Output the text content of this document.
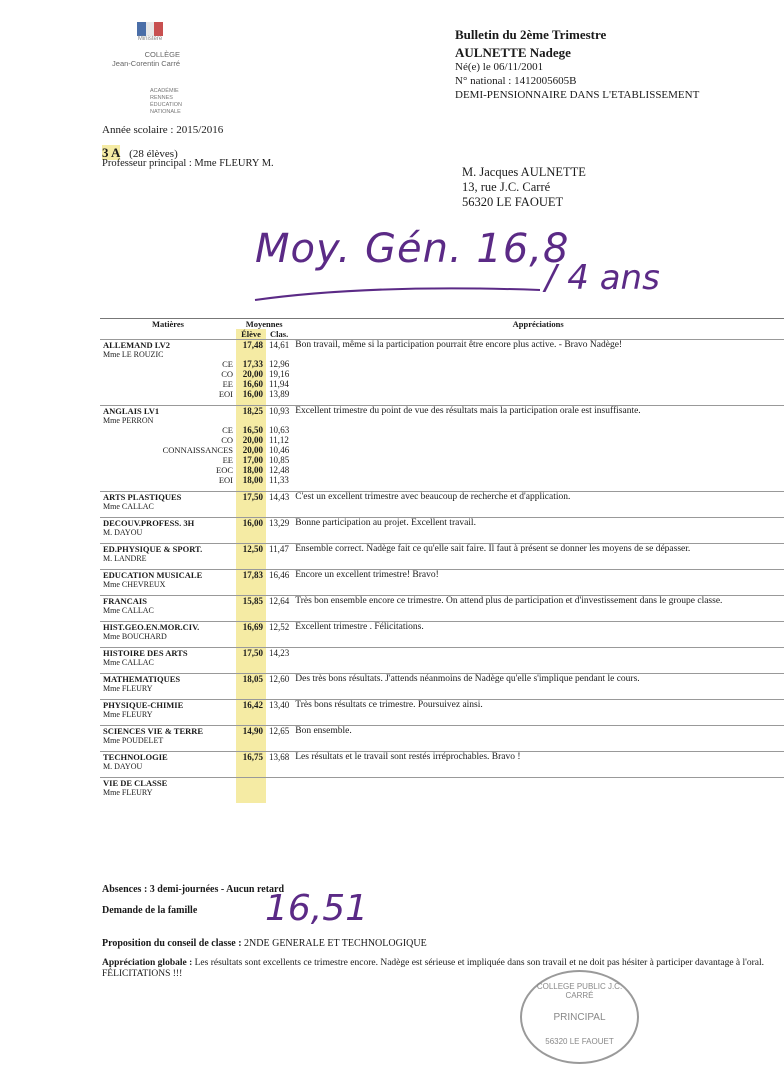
Ministère
COLLÈGE
Jean-Corentin Carré
ACADÉMIE
RENNES
ÉDUCATION
NATIONALE
Bulletin du 2ème Trimestre
AULNETTE Nadege
Né(e) le 06/11/2001
N° national : 1412005605B
DEMI-PENSIONNAIRE DANS L'ETABLISSEMENT
Année scolaire : 2015/2016
3 A (28 élèves)
Professeur principal : Mme FLEURY M.
M. Jacques AULNETTE
13, rue J.C. Carré
56320 LE FAOUET
Moy. Gén. 16,8
/ 4 ans
Matières	Moyennes		Appréciations
	Élève	Clas.	

ALLEMAND LV2
Mme LE ROUZIC	17,48	14,61	Bon travail, même si la participation pourrait être encore plus active. - Bravo Nadège!
CE	17,33	12,96	
CO	20,00	19,16	
EE	16,60	11,94	
EOI	16,00	13,89	

ANGLAIS LV1
Mme PERRON	18,25	10,93	Excellent trimestre du point de vue des résultats mais la participation orale est insuffisante.
CE	16,50	10,63	
CO	20,00	11,12	
CONNAISSANCES	20,00	10,46	
EE	17,00	10,85	
EOC	18,00	12,48	
EOI	18,00	11,33	

ARTS PLASTIQUES
Mme CALLAC	17,50	14,43	C'est un excellent trimestre avec beaucoup de recherche et d'application.

DECOUV.PROFESS. 3H
M. DAYOU	16,00	13,29	Bonne participation au projet. Excellent travail.

ED.PHYSIQUE & SPORT.
M. LANDRE	12,50	11,47	Ensemble correct. Nadège fait ce qu'elle sait faire. Il faut à présent se donner les moyens de se dépasser.

EDUCATION MUSICALE
Mme CHEVREUX	17,83	16,46	Encore un excellent trimestre! Bravo!

FRANCAIS
Mme CALLAC	15,85	12,64	Très bon ensemble encore ce trimestre. On attend plus de participation et d'investissement dans le groupe classe.

HIST.GEO.EN.MOR.CIV.
Mme BOUCHARD	16,69	12,52	Excellent trimestre . Félicitations.

HISTOIRE DES ARTS
Mme CALLAC	17,50	14,23	

MATHEMATIQUES
Mme FLEURY	18,05	12,60	Des très bons résultats. J'attends néanmoins de Nadège qu'elle s'implique pendant le cours.

PHYSIQUE-CHIMIE
Mme FLEURY	16,42	13,40	Très bons résultats ce trimestre. Poursuivez ainsi.

SCIENCES VIE & TERRE
Mme POUDELET	14,90	12,65	Bon ensemble.

TECHNOLOGIE
M. DAYOU	16,75	13,68	Les résultats et le travail sont restés irréprochables. Bravo !

VIE DE CLASSE
Mme FLEURY			

Absences : 3 demi-journées - Aucun retard
Demande de la famille 16,51
Proposition du conseil de classe : 2NDE GENERALE ET TECHNOLOGIQUE
Appréciation globale : Les résultats sont excellents ce trimestre encore. Nadège est sérieuse et impliquée dans son travail et ne doit pas hésiter à participer davantage à l'oral. FÉLICITATIONS !!!
COLLEGE PUBLIC J.C. CARRÉ
PRINCIPAL
56320 LE FAOUET
